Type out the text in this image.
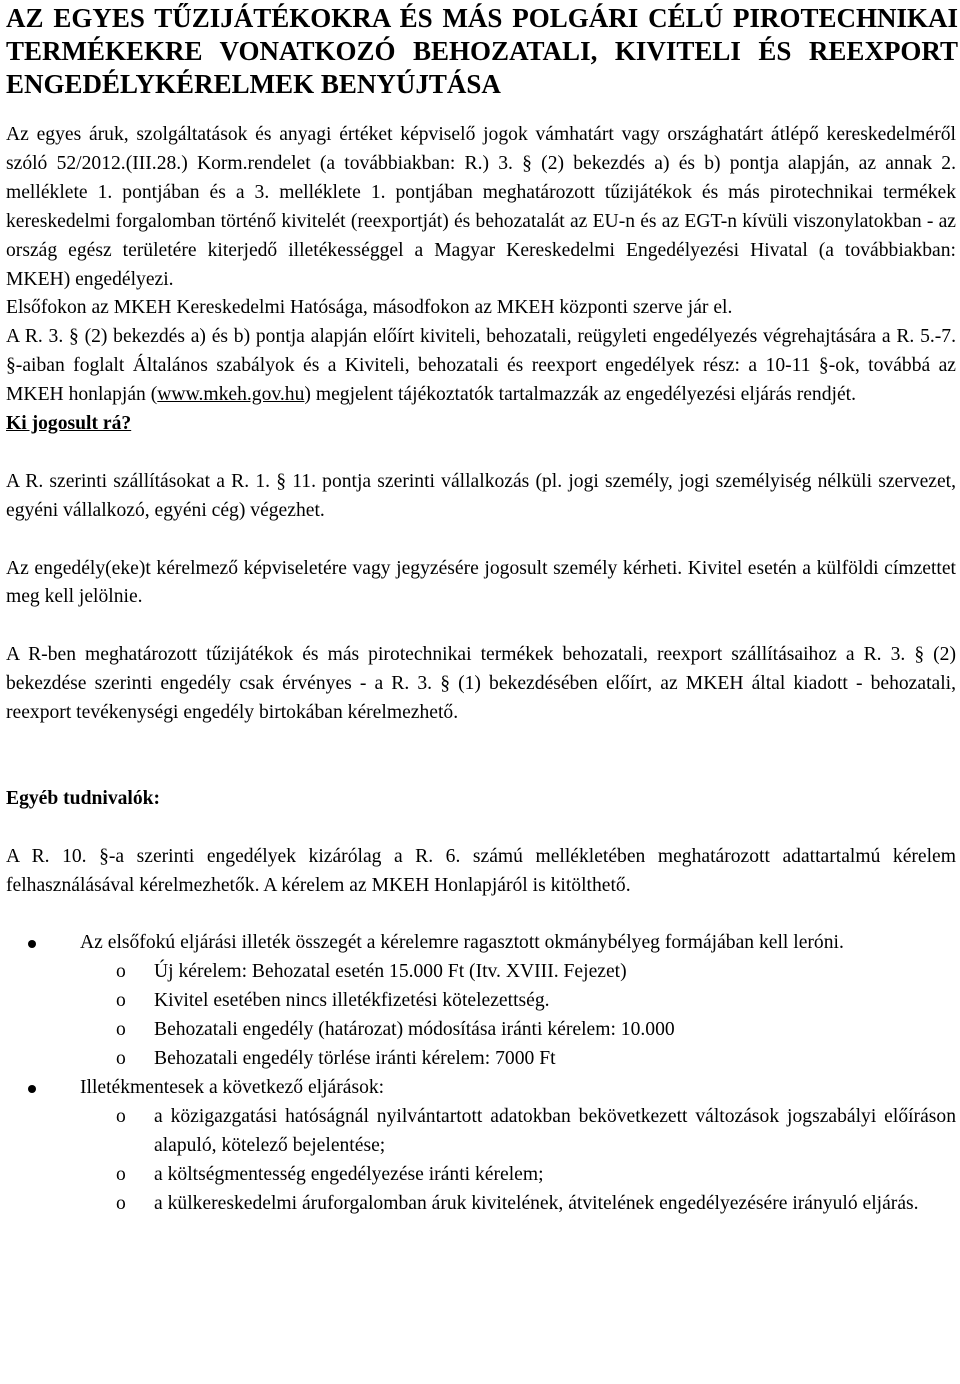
AZ EGYES TŰZIJÁTÉKOKRA ÉS MÁS POLGÁRI CÉLÚ PIROTECHNIKAI TERMÉKEKRE VONATKOZÓ BEHOZATALI, KIVITELI ÉS REEXPORT ENGEDÉLYKÉRELMEK BENYÚJTÁSA

Az egyes áruk, szolgáltatások és anyagi értéket képviselő jogok vámhatárt vagy országhatárt átlépő kereskedelméről szóló 52/2012.(III.28.) Korm.rendelet (a továbbiakban: R.) 3. § (2) bekezdés a) és b) pontja alapján, az annak 2. melléklete 1. pontjában és a 3. melléklete 1. pontjában meghatározott tűzijátékok és más pirotechnikai termékek kereskedelmi forgalomban történő kivitelét (reexportját) és behozatalát az EU-n és az EGT-n kívüli viszonylatokban - az ország egész területére kiterjedő illetékességgel a Magyar Kereskedelmi Engedélyezési Hivatal (a továbbiakban: MKEH) engedélyezi.

Elsőfokon az MKEH Kereskedelmi Hatósága, másodfokon az MKEH központi szerve jár el.

A R. 3. § (2) bekezdés a) és b) pontja alapján előírt kiviteli, behozatali, reügyleti engedélyezés végrehajtására a R. 5.-7. §-aiban foglalt Általános szabályok és a Kiviteli, behozatali és reexport engedélyek rész: a 10-11 §-ok, továbbá az MKEH honlapján (www.mkeh.gov.hu) megjelent tájékoztatók tartalmazzák az engedélyezési eljárás rendjét.

Ki jogosult rá?

A R. szerinti szállításokat a R. 1. § 11. pontja szerinti vállalkozás (pl. jogi személy, jogi személyiség nélküli szervezet, egyéni vállalkozó, egyéni cég) végezhet.

Az engedély(eke)t kérelmező képviseletére vagy jegyzésére jogosult személy kérheti. Kivitel esetén a külföldi címzettet meg kell jelölnie.

A R-ben meghatározott tűzijátékok és más pirotechnikai termékek behozatali, reexport szállításaihoz a R. 3. § (2) bekezdése szerinti engedély csak érvényes - a R. 3. § (1) bekezdésében előírt, az MKEH által kiadott - behozatali, reexport tevékenységi engedély birtokában kérelmezhető.

Egyéb tudnivalók:

A R. 10. §-a szerinti engedélyek kizárólag a R. 6. számú mellékletében meghatározott adattartalmú kérelem felhasználásával kérelmezhetők. A kérelem az MKEH Honlapjáról is kitölthető.

Az elsőfokú eljárási illeték összegét a kérelemre ragasztott okmánybélyeg formájában kell leróni.
o Új kérelem: Behozatal esetén 15.000 Ft (Itv. XVIII. Fejezet)
o Kivitel esetében nincs illetékfizetési kötelezettség.
o Behozatali engedély (határozat) módosítása iránti kérelem: 10.000
o Behozatali engedély törlése iránti kérelem: 7000 Ft
Illetékmentesek a következő eljárások:
o a közigazgatási hatóságnál nyilvántartott adatokban bekövetkezett változások jogszabályi előíráson alapuló, kötelező bejelentése;
o a költségmentesség engedélyezése iránti kérelem;
o a külkereskedelmi áruforgalomban áruk kivitelének, átvitelének engedélyezésére irányuló eljárás.
